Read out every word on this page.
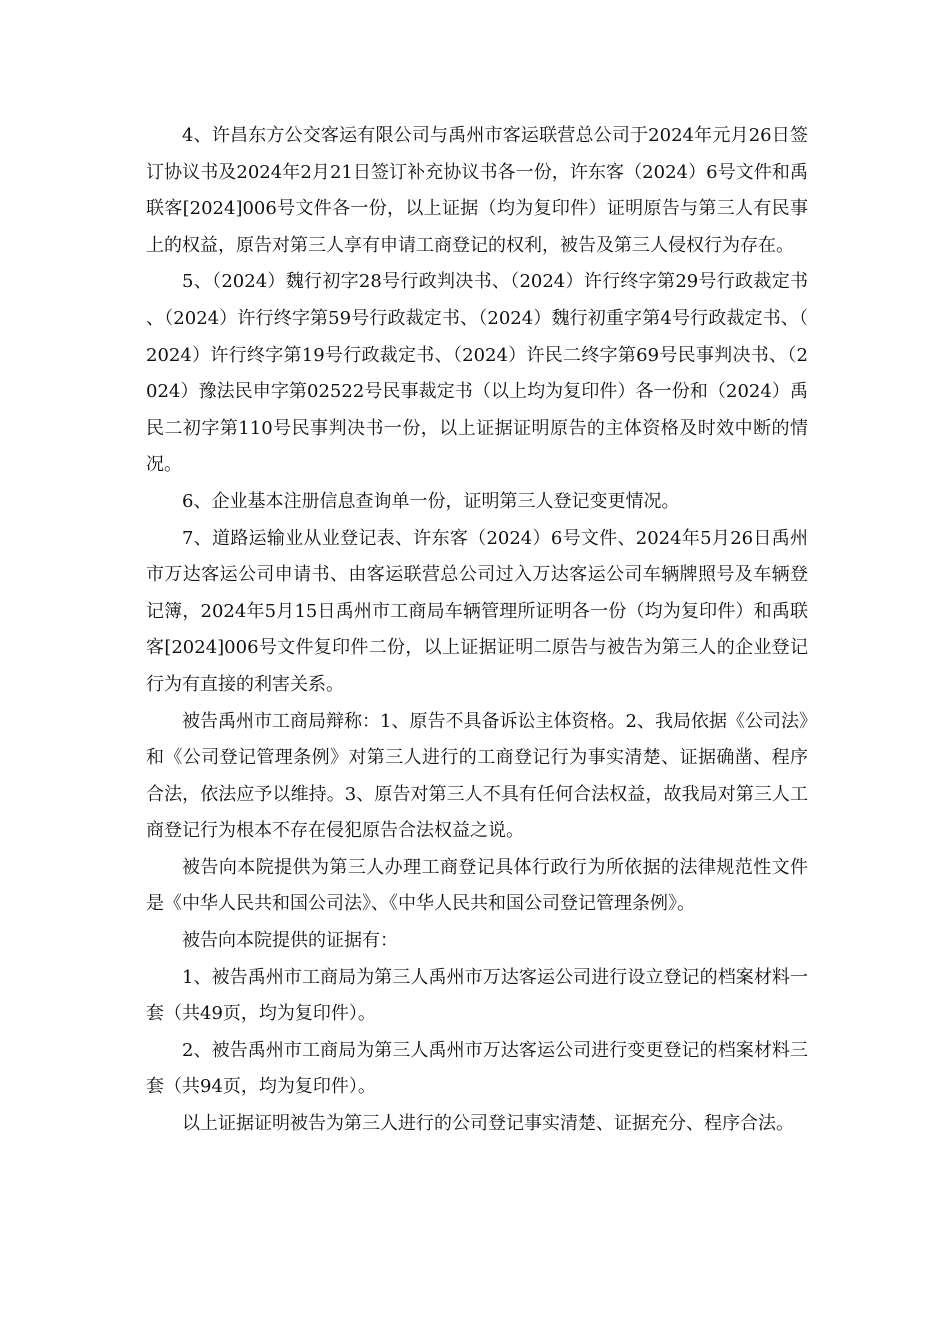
4、许昌东方公交客运有限公司与禹州市客运联营总公司于2024年元月26日签订协议书及2024年2月21日签订补充协议书各一份，许东客（2024）6号文件和禹联客[2024]006号文件各一份，以上证据（均为复印件）证明原告与第三人有民事上的权益，原告对第三人享有申请工商登记的权利，被告及第三人侵权行为存在。

5、（2024）魏行初字28号行政判决书、（2024）许行终字第29号行政裁定书、（2024）许行终字第59号行政裁定书、（2024）魏行初重字第4号行政裁定书、（2024）许行终字第19号行政裁定书、（2024）许民二终字第69号民事判决书、（2024）豫法民申字第02522号民事裁定书（以上均为复印件）各一份和（2024）禹民二初字第110号民事判决书一份，以上证据证明原告的主体资格及时效中断的情况。

6、企业基本注册信息查询单一份，证明第三人登记变更情况。

7、道路运输业从业登记表、许东客（2024）6号文件、2024年5月26日禹州市万达客运公司申请书、由客运联营总公司过入万达客运公司车辆牌照号及车辆登记簿，2024年5月15日禹州市工商局车辆管理所证明各一份（均为复印件）和禹联客[2024]006号文件复印件二份，以上证据证明二原告与被告为第三人的企业登记行为有直接的利害关系。

被告禹州市工商局辩称：1、原告不具备诉讼主体资格。2、我局依据《公司法》和《公司登记管理条例》对第三人进行的工商登记行为事实清楚、证据确凿、程序合法，依法应予以维持。3、原告对第三人不具有任何合法权益，故我局对第三人工商登记行为根本不存在侵犯原告合法权益之说。

被告向本院提供为第三人办理工商登记具体行政行为所依据的法律规范性文件是《中华人民共和国公司法》、《中华人民共和国公司登记管理条例》。

被告向本院提供的证据有：

1、被告禹州市工商局为第三人禹州市万达客运公司进行设立登记的档案材料一套（共49页，均为复印件）。

2、被告禹州市工商局为第三人禹州市万达客运公司进行变更登记的档案材料三套（共94页，均为复印件）。

以上证据证明被告为第三人进行的公司登记事实清楚、证据充分、程序合法。
